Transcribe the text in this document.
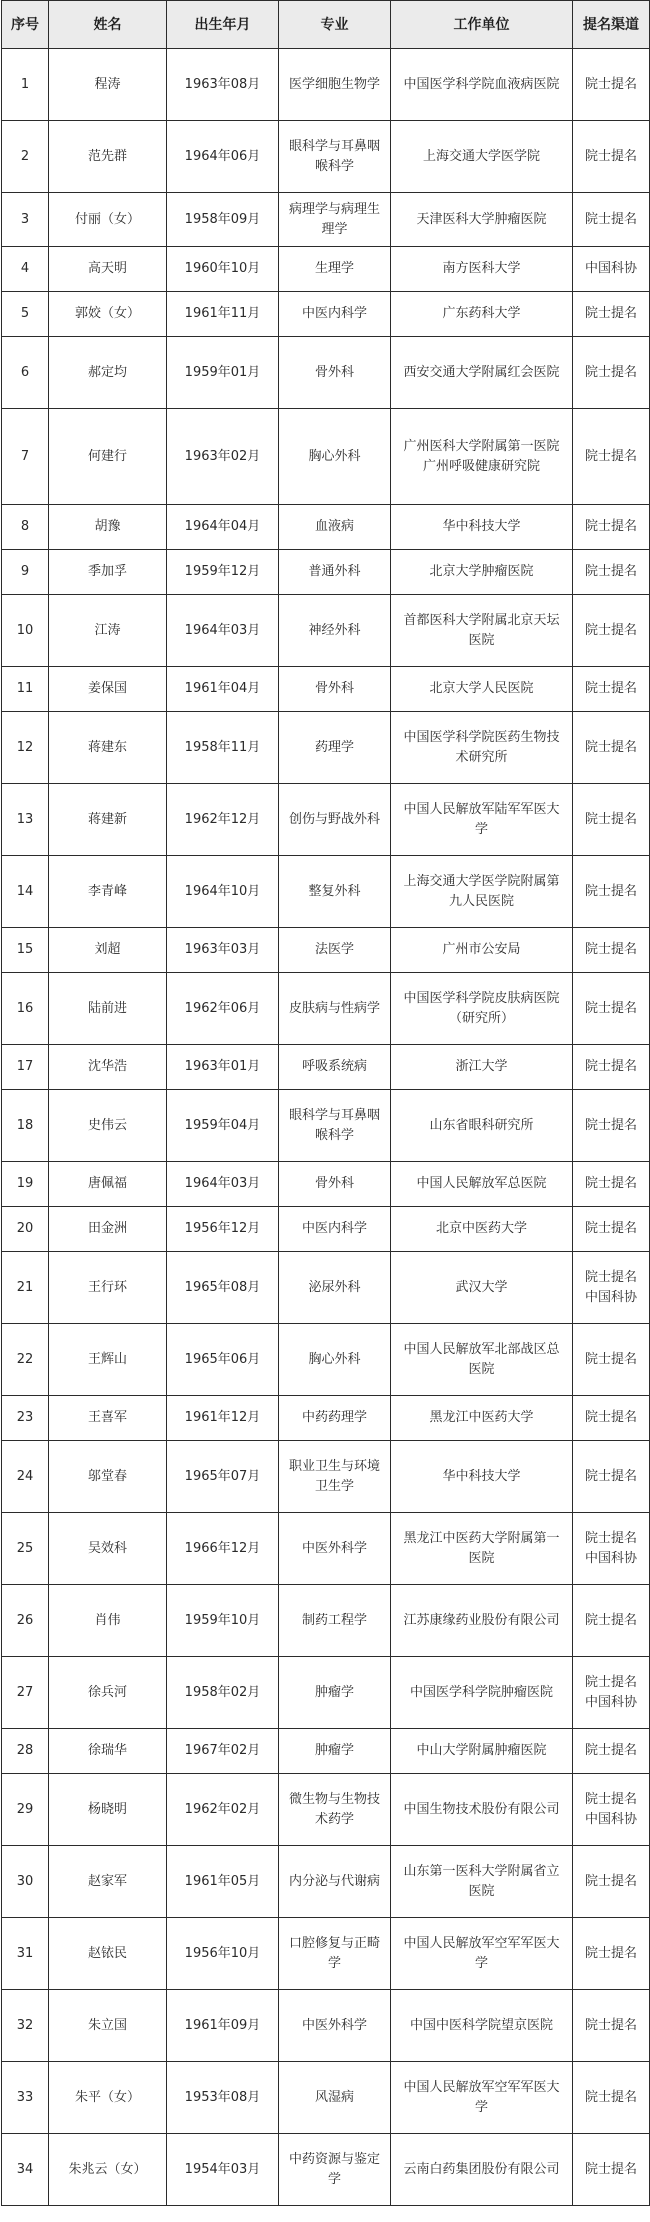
序号	姓名	出生年月	专业	工作单位	提名渠道
1	程涛	1963年08月	医学细胞生物学	中国医学科学院血液病医院	院士提名

2	范先群	1964年06月	眼科学与耳鼻咽喉科学	上海交通大学医学院	院士提名

3	付丽（女）	1958年09月	病理学与病理生理学	天津医科大学肿瘤医院	院士提名

4	高天明	1960年10月	生理学	南方医科大学	中国科协

5	郭姣（女）	1961年11月	中医内科学	广东药科大学	院士提名

6	郝定均	1959年01月	骨外科	西安交通大学附属红会医院	院士提名

7	何建行	1963年02月	胸心外科	广州医科大学附属第一医院广州呼吸健康研究院	院士提名

8	胡豫	1964年04月	血液病	华中科技大学	院士提名

9	季加孚	1959年12月	普通外科	北京大学肿瘤医院	院士提名

10	江涛	1964年03月	神经外科	首都医科大学附属北京天坛医院	院士提名

11	姜保国	1961年04月	骨外科	北京大学人民医院	院士提名

12	蒋建东	1958年11月	药理学	中国医学科学院医药生物技术研究所	院士提名

13	蒋建新	1962年12月	创伤与野战外科	中国人民解放军陆军军医大学	院士提名

14	李青峰	1964年10月	整复外科	上海交通大学医学院附属第九人民医院	院士提名

15	刘超	1963年03月	法医学	广州市公安局	院士提名

16	陆前进	1962年06月	皮肤病与性病学	中国医学科学院皮肤病医院（研究所）	院士提名

17	沈华浩	1963年01月	呼吸系统病	浙江大学	院士提名

18	史伟云	1959年04月	眼科学与耳鼻咽喉科学	山东省眼科研究所	院士提名

19	唐佩福	1964年03月	骨外科	中国人民解放军总医院	院士提名

20	田金洲	1956年12月	中医内科学	北京中医药大学	院士提名

21	王行环	1965年08月	泌尿外科	武汉大学	院士提名
中国科协

22	王辉山	1965年06月	胸心外科	中国人民解放军北部战区总医院	院士提名

23	王喜军	1961年12月	中药药理学	黑龙江中医药大学	院士提名

24	邬堂春	1965年07月	职业卫生与环境卫生学	华中科技大学	院士提名

25	吴效科	1966年12月	中医外科学	黑龙江中医药大学附属第一医院	院士提名
中国科协

26	肖伟	1959年10月	制药工程学	江苏康缘药业股份有限公司	院士提名

27	徐兵河	1958年02月	肿瘤学	中国医学科学院肿瘤医院	院士提名
中国科协

28	徐瑞华	1967年02月	肿瘤学	中山大学附属肿瘤医院	院士提名

29	杨晓明	1962年02月	微生物与生物技术药学	中国生物技术股份有限公司	院士提名
中国科协

30	赵家军	1961年05月	内分泌与代谢病	山东第一医科大学附属省立医院	院士提名

31	赵铱民	1956年10月	口腔修复与正畸学	中国人民解放军空军军医大学	院士提名

32	朱立国	1961年09月	中医外科学	中国中医科学院望京医院	院士提名

33	朱平（女）	1953年08月	风湿病	中国人民解放军空军军医大学	院士提名

34	朱兆云（女）	1954年03月	中药资源与鉴定学	云南白药集团股份有限公司	院士提名
